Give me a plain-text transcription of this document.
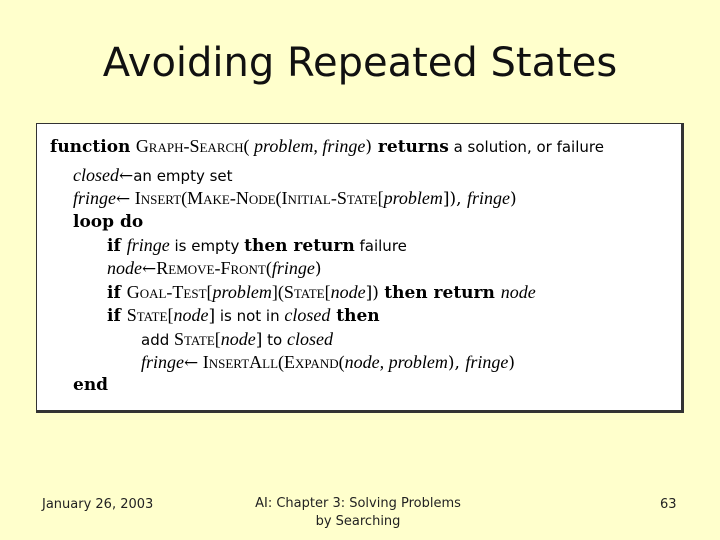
Avoiding Repeated States
function Graph-Search( problem, fringe) returns a solution, or failure
closed←an empty set
fringe← Insert(Make-Node(Initial-State[problem]), fringe)
loop do
if fringe is empty then return failure
node←Remove-Front(fringe)
if Goal-Test[problem](State[node]) then return node
if State[node] is not in closed then
add State[node] to closed
fringe← InsertAll(Expand(node, problem), fringe)
end
January 26, 2003	AI: Chapter 3: Solving Problems
by Searching
63
